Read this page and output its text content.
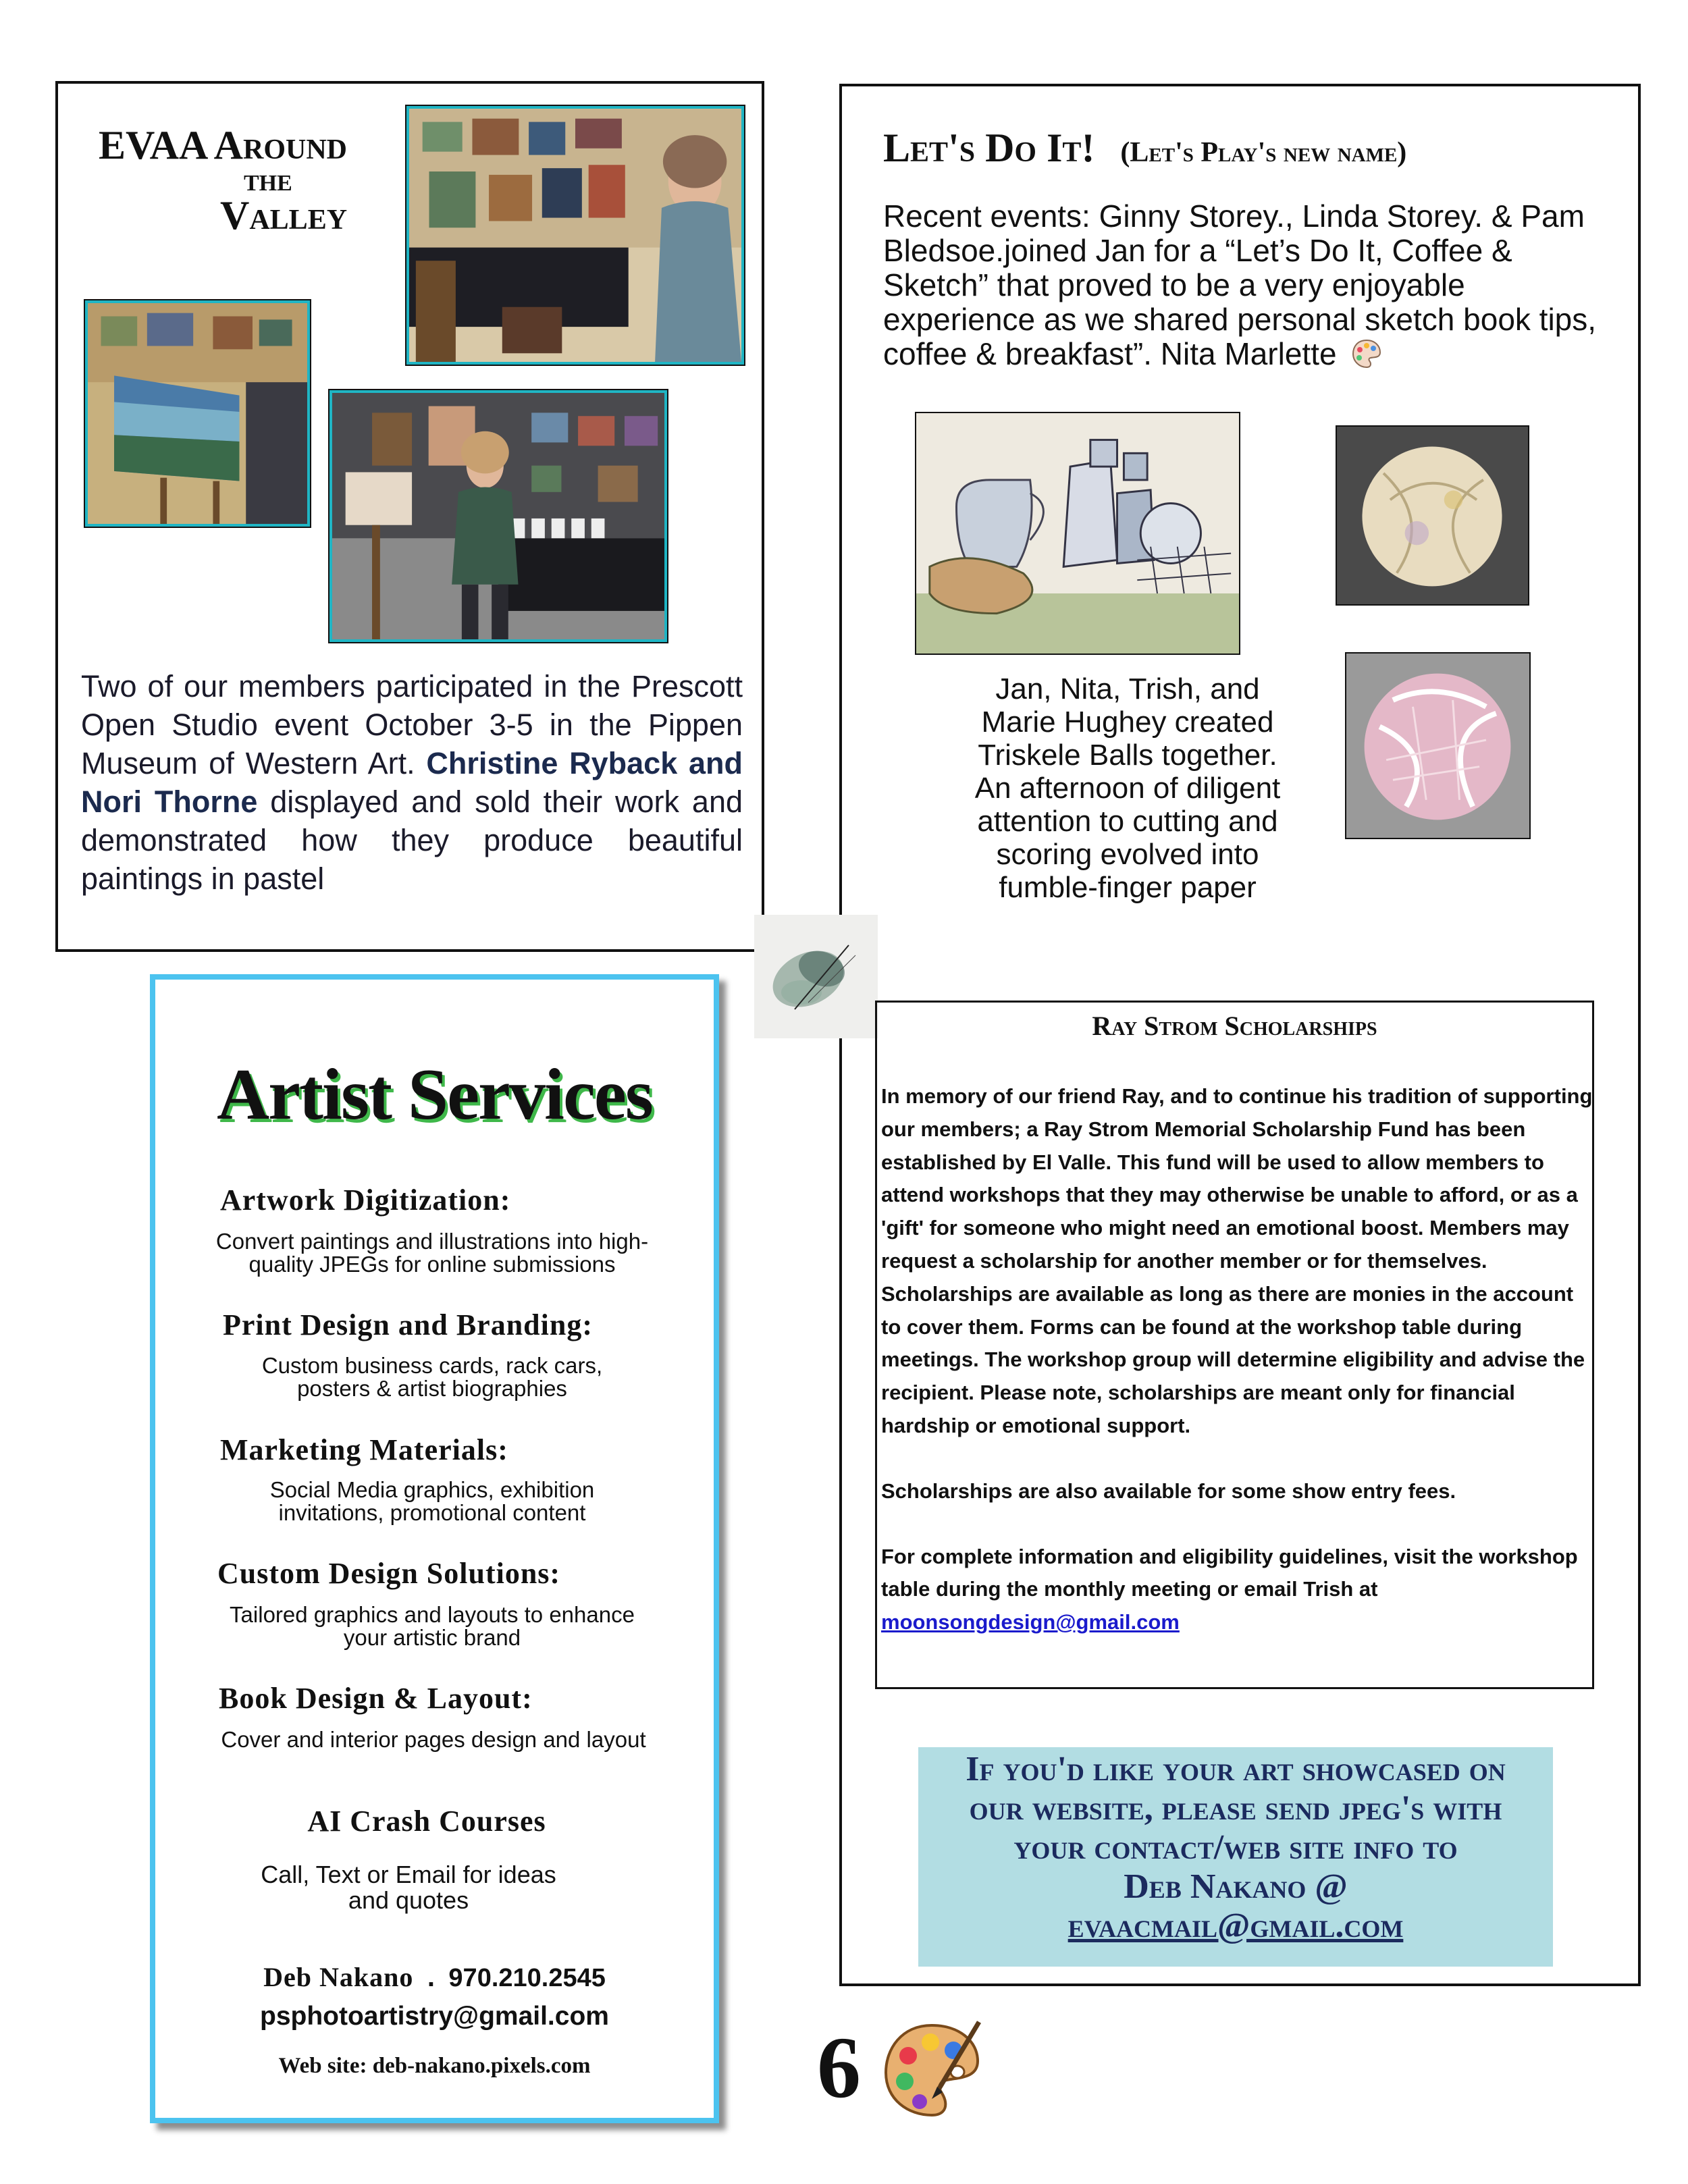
EVAA Around
the
Valley
Two of our members participated in the Prescott Open Studio event October 3-5 in the Pippen Museum of Western Art. Christine Ryback and Nori Thorne displayed and sold their work and demonstrated how they produce beautiful paintings in pastel
Let's Do It! (Let's Play's new name)
Recent events: Ginny Storey., Linda Storey. & Pam Bledsoe.joined Jan for a “Let’s Do It, Coffee & Sketch” that proved to be a very enjoyable experience as we shared personal sketch book tips, coffee & breakfast”. Nita Marlette
Jan, Nita, Trish, and Marie Hughey created Triskele Balls together. An afternoon of diligent attention to cutting and scoring evolved into fumble-finger paper
Ray Strom Scholarships

In memory of our friend Ray, and to continue his tradition of supporting our members; a Ray Strom Memorial Scholarship Fund has been established by El Valle. This fund will be used to allow members to attend workshops that they may otherwise be unable to afford, or as a 'gift' for someone who might need an emotional boost. Members may request a scholarship for another member or for themselves. Scholarships are available as long as there are monies in the account to cover them. Forms can be found at the workshop table during meetings. The workshop group will determine eligibility and advise the recipient. Please note, scholarships are meant only for financial hardship or emotional support.

Scholarships are also available for some show entry fees.

For complete information and eligibility guidelines, visit the workshop table during the monthly meeting or email Trish at
moonsongdesign@gmail.com

If you'd like your art showcased on
our website, please send jpeg's with
your contact/web site info to
Deb Nakano @
evaacmail@gmail.com
Artist Services
Artwork Digitization:
Convert paintings and illustrations into high-quality JPEGs for online submissions
Print Design and Branding:
Custom business cards, rack cars, posters & artist biographies
Marketing Materials:
Social Media graphics, exhibition invitations, promotional content
Custom Design Solutions:
Tailored graphics and layouts to enhance your artistic brand
Book Design & Layout:
Cover and interior pages design and layout
AI Crash Courses
Call, Text or Email for ideas and quotes
Deb Nakano . 970.210.2545
psphotoartistry@gmail.com
Web site: deb-nakano.pixels.com	6
